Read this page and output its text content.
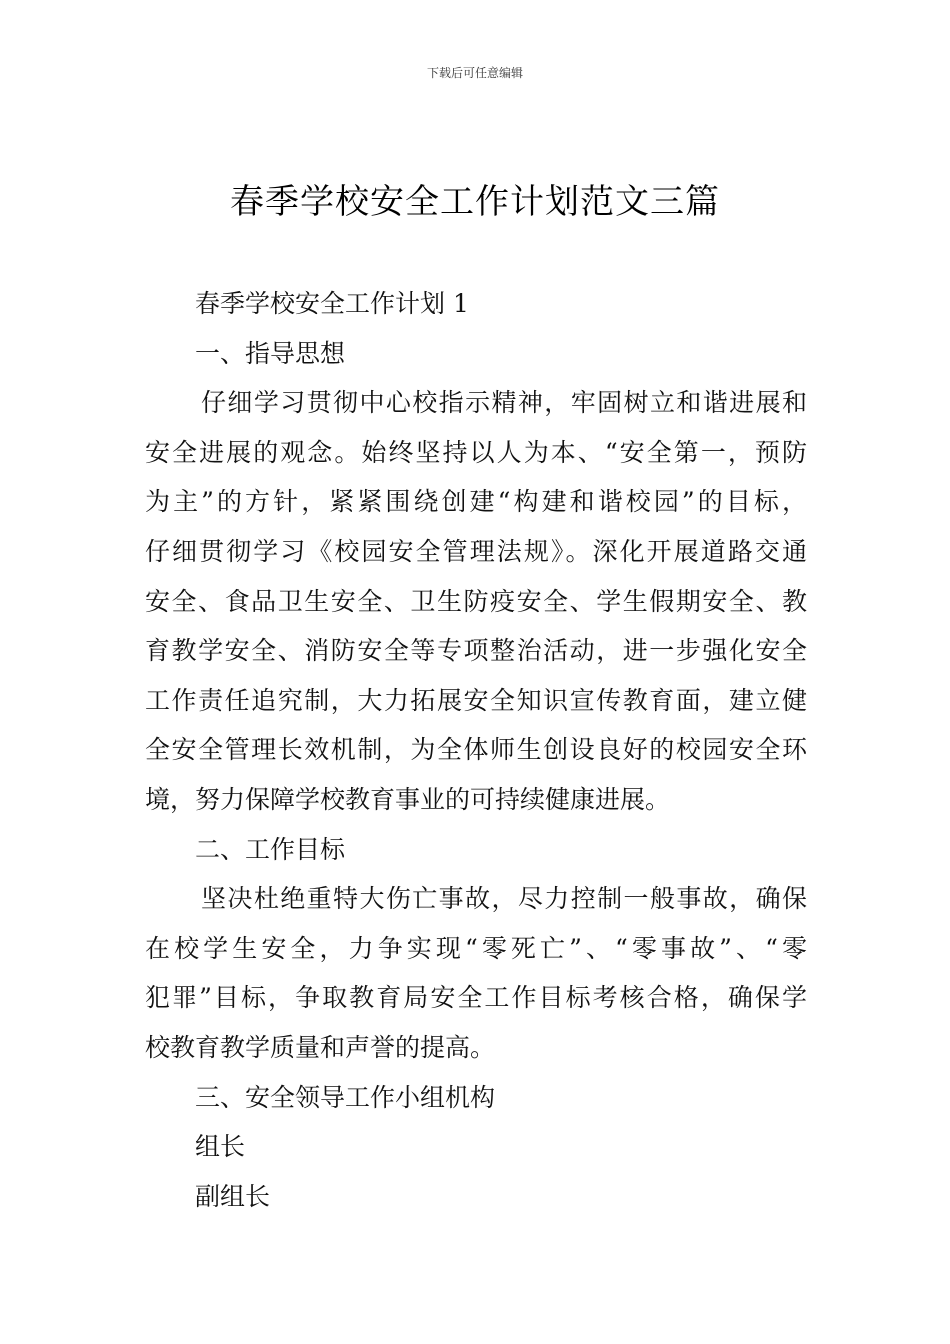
下载后可任意编辑
春季学校安全工作计划范文三篇

春季学校安全工作计划 1

一、指导思想

仔细学习贯彻中心校指示精神，牢固树立和谐进展和

安全进展的观念。始终坚持以人为本、“安全第一，预防

为主”的方针，紧紧围绕创建“构建和谐校园”的目标，

仔细贯彻学习《校园安全管理法规》。深化开展道路交通

安全、食品卫生安全、卫生防疫安全、学生假期安全、教

育教学安全、消防安全等专项整治活动，进一步强化安全

工作责任追究制，大力拓展安全知识宣传教育面，建立健

全安全管理长效机制，为全体师生创设良好的校园安全环

境，努力保障学校教育事业的可持续健康进展。

二、工作目标

坚决杜绝重特大伤亡事故，尽力控制一般事故，确保

在校学生安全，力争实现“零死亡”、“零事故”、“零

犯罪”目标，争取教育局安全工作目标考核合格，确保学

校教育教学质量和声誉的提高。

三、安全领导工作小组机构

组长

副组长
